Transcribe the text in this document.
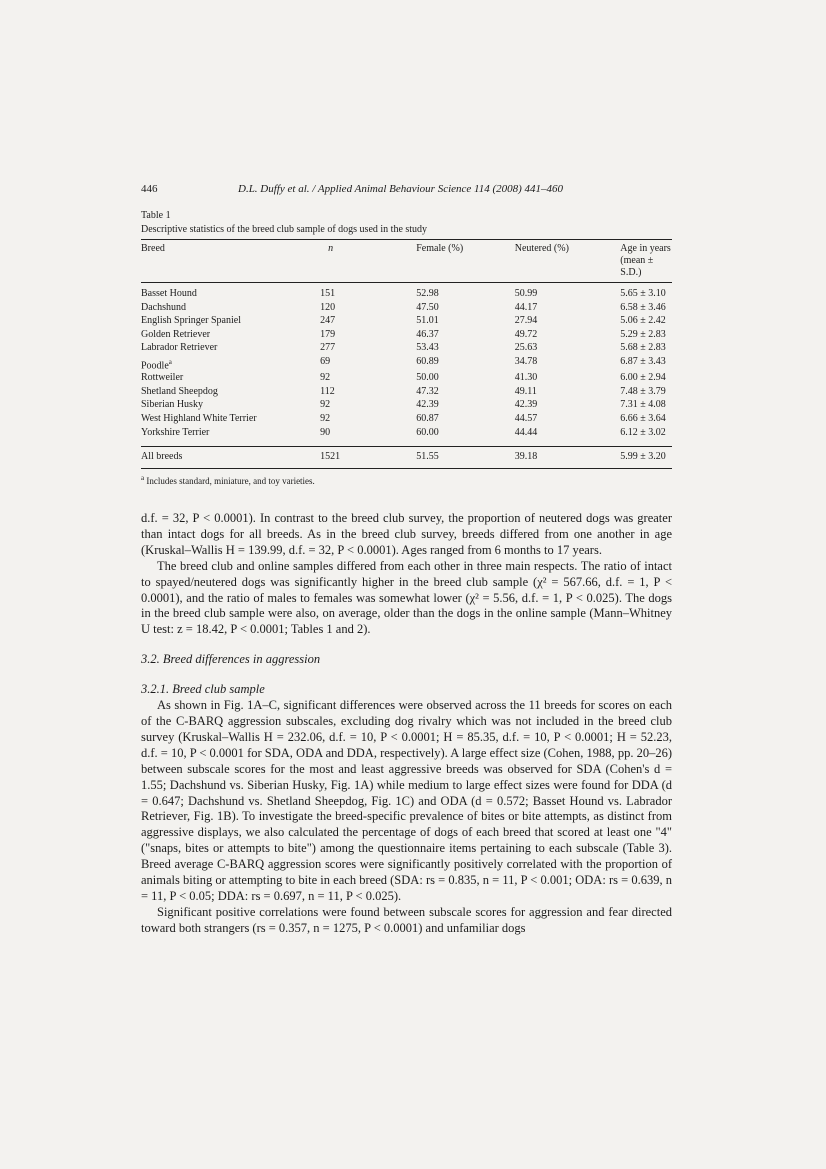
446	D.L. Duffy et al. / Applied Animal Behaviour Science 114 (2008) 441–460
Table 1
Descriptive statistics of the breed club sample of dogs used in the study
Breed	n	Female (%)	Neutered (%)	Age in years
(mean ± S.D.)

Basset Hound	151	52.98	50.99	5.65 ± 3.10
Dachshund	120	47.50	44.17	6.58 ± 3.46
English Springer Spaniel	247	51.01	27.94	5.06 ± 2.42
Golden Retriever	179	46.37	49.72	5.29 ± 2.83
Labrador Retriever	277	53.43	25.63	5.68 ± 2.83
Poodle$^a$	69	60.89	34.78	6.87 ± 3.43
Rottweiler	92	50.00	41.30	6.00 ± 2.94
Shetland Sheepdog	112	47.32	49.11	7.48 ± 3.79
Siberian Husky	92	42.39	42.39	7.31 ± 4.08
West Highland White Terrier	92	60.87	44.57	6.66 ± 3.64
Yorkshire Terrier	90	60.00	44.44	6.12 ± 3.02
All breeds	1521	51.55	39.18	5.99 ± 3.20
$^a$ Includes standard, miniature, and toy varieties.

d.f. = 32, P < 0.0001). In contrast to the breed club survey, the proportion of neutered dogs was greater than intact dogs for all breeds. As in the breed club survey, breeds differed from one another in age (Kruskal–Wallis H = 139.99, d.f. = 32, P < 0.0001). Ages ranged from 6 months to 17 years.

The breed club and online samples differed from each other in three main respects. The ratio of intact to spayed/neutered dogs was significantly higher in the breed club sample (χ² = 567.66, d.f. = 1, P < 0.0001), and the ratio of males to females was somewhat lower (χ² = 5.56, d.f. = 1, P < 0.025). The dogs in the breed club sample were also, on average, older than the dogs in the online sample (Mann–Whitney U test: z = 18.42, P < 0.0001; Tables 1 and 2).

3.2. Breed differences in aggression

3.2.1. Breed club sample

As shown in Fig. 1A–C, significant differences were observed across the 11 breeds for scores on each of the C-BARQ aggression subscales, excluding dog rivalry which was not included in the breed club survey (Kruskal–Wallis H = 232.06, d.f. = 10, P < 0.0001; H = 85.35, d.f. = 10, P < 0.0001; H = 52.23, d.f. = 10, P < 0.0001 for SDA, ODA and DDA, respectively). A large effect size (Cohen, 1988, pp. 20–26) between subscale scores for the most and least aggressive breeds was observed for SDA (Cohen's d = 1.55; Dachshund vs. Siberian Husky, Fig. 1A) while medium to large effect sizes were found for DDA (d = 0.647; Dachshund vs. Shetland Sheepdog, Fig. 1C) and ODA (d = 0.572; Basset Hound vs. Labrador Retriever, Fig. 1B). To investigate the breed-specific prevalence of bites or bite attempts, as distinct from aggressive displays, we also calculated the percentage of dogs of each breed that scored at least one "4" ("snaps, bites or attempts to bite") among the questionnaire items pertaining to each subscale (Table 3). Breed average C-BARQ aggression scores were significantly positively correlated with the proportion of animals biting or attempting to bite in each breed (SDA: rs = 0.835, n = 11, P < 0.001; ODA: rs = 0.639, n = 11, P < 0.05; DDA: rs = 0.697, n = 11, P < 0.025).

Significant positive correlations were found between subscale scores for aggression and fear directed toward both strangers (rs = 0.357, n = 1275, P < 0.0001) and unfamiliar dogs
